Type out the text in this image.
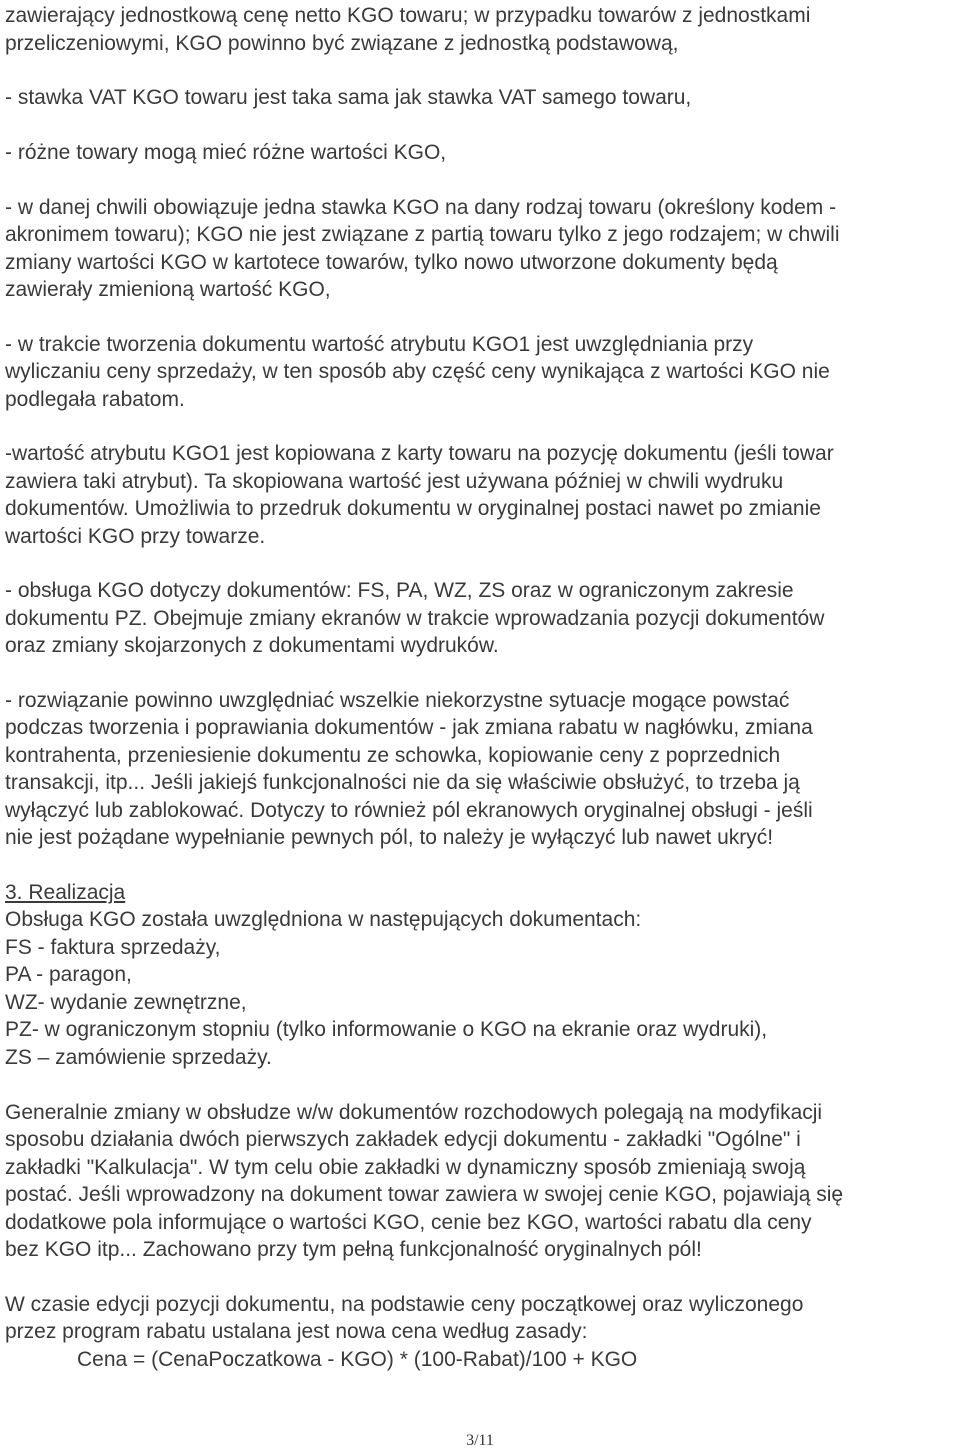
zawierający jednostkową cenę netto KGO towaru; w przypadku towarów z jednostkami
przeliczeniowymi, KGO powinno być związane z jednostką podstawową,
- stawka VAT KGO towaru jest taka sama jak stawka VAT samego towaru,
- różne towary mogą mieć różne wartości KGO,
- w danej chwili obowiązuje jedna stawka KGO na dany rodzaj towaru (określony kodem -
akronimem towaru); KGO nie jest związane z partią towaru tylko z jego rodzajem; w chwili
zmiany wartości KGO w kartotece towarów, tylko nowo utworzone dokumenty będą
zawierały zmienioną wartość KGO,
- w trakcie tworzenia dokumentu wartość atrybutu KGO1 jest uwzględniania przy
wyliczaniu ceny sprzedaży, w ten sposób aby część ceny wynikająca z wartości KGO nie
podlegała rabatom.
-wartość atrybutu KGO1 jest kopiowana z karty towaru na pozycję dokumentu (jeśli towar
zawiera taki atrybut). Ta skopiowana wartość jest używana później w chwili wydruku
dokumentów. Umożliwia to przedruk dokumentu w oryginalnej postaci nawet po zmianie
wartości KGO przy towarze.
- obsługa KGO dotyczy dokumentów: FS, PA, WZ, ZS oraz w ograniczonym zakresie
dokumentu PZ. Obejmuje zmiany ekranów w trakcie wprowadzania pozycji dokumentów
oraz zmiany skojarzonych z dokumentami wydruków.
- rozwiązanie powinno uwzględniać wszelkie niekorzystne sytuacje mogące powstać
podczas tworzenia i poprawiania dokumentów - jak zmiana rabatu w nagłówku, zmiana
kontrahenta, przeniesienie dokumentu ze schowka, kopiowanie ceny z poprzednich
transakcji, itp... Jeśli jakiejś funkcjonalności nie da się właściwie obsłużyć, to trzeba ją
wyłączyć lub zablokować. Dotyczy to również pól ekranowych oryginalnej obsługi - jeśli
nie jest pożądane wypełnianie pewnych pól, to należy je wyłączyć lub nawet ukryć!
3. Realizacja
Obsługa KGO została uwzględniona w następujących dokumentach:
FS - faktura sprzedaży,
PA - paragon,
WZ- wydanie zewnętrzne,
PZ- w ograniczonym stopniu (tylko informowanie o KGO na ekranie oraz wydruki),
ZS – zamówienie sprzedaży.
Generalnie zmiany w obsłudze w/w dokumentów rozchodowych polegają na modyfikacji
sposobu działania dwóch pierwszych zakładek edycji dokumentu - zakładki "Ogólne" i
zakładki "Kalkulacja". W tym celu obie zakładki w dynamiczny sposób zmieniają swoją
postać. Jeśli wprowadzony na dokument towar zawiera w swojej cenie KGO, pojawiają się
dodatkowe pola informujące o wartości KGO, cenie bez KGO, wartości rabatu dla ceny
bez KGO itp... Zachowano przy tym pełną funkcjonalność oryginalnych pól!
W czasie edycji pozycji dokumentu, na podstawie ceny początkowej oraz wyliczonego
przez program rabatu ustalana jest nowa cena według zasady:
Cena = (CenaPoczatkowa - KGO) * (100-Rabat)/100 + KGO
3/11
